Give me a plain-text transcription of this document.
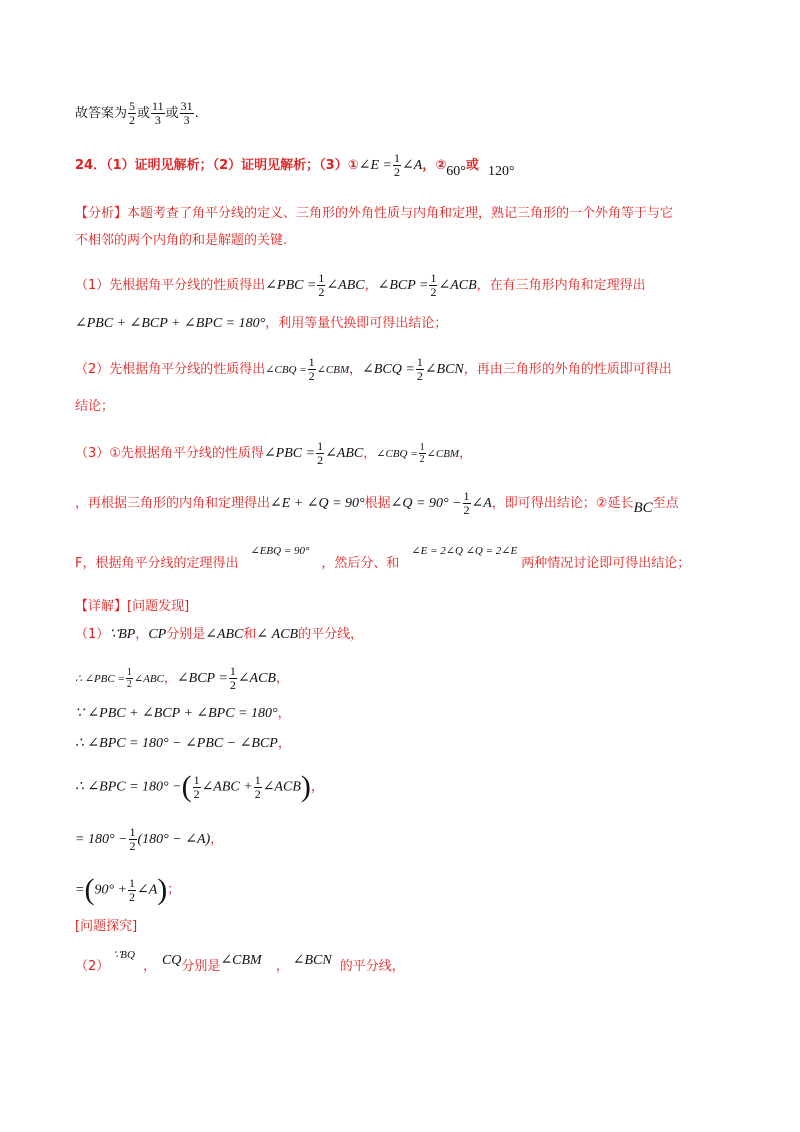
故答案为 $\frac{5}{2}$ 或 $\frac{11}{3}$ 或 $\frac{31}{3}$ .
24．（1）证明见解析；（2）证明见解析；（3）①∠E = $\frac{1}{2}$ ∠A，②60°或 120°
【分析】本题考查了角平分线的定义、三角形的外角性质与内角和定理，熟记三角形的一个外角等于与它
不相邻的两个内角的和是解题的关键.
（1）先根据角平分线的性质得出∠PBC = $\frac{1}{2}$ ∠ABC，∠BCP = $\frac{1}{2}$ ∠ACB，在有三角形内角和定理得出
∠PBC + ∠BCP + ∠BPC = 180°，利用等量代换即可得出结论；
（2）先根据角平分线的性质得出∠CBQ = $\frac{1}{2}$ ∠CBM，∠BCQ = $\frac{1}{2}$ ∠BCN，再由三角形的外角的性质即可得出
结论；
（3）①先根据角平分线的性质得∠PBC = $\frac{1}{2}$ ∠ABC，∠CBQ = $\frac{1}{2}$ ∠CBM，
，再根据三角形的内角和定理得出∠E + ∠Q = 90°根据∠Q = $90^\circ - \frac{1}{2}$ ∠A，即可得出结论；②延长BC至点
F，根据角平分线的定理得出$^{\angle EBQ = 90^\circ}$，然后分、和$^{\angle E = 2\angle Q \angle Q = 2\angle E}$两种情况讨论即可得出结论；
【详解】[问题发现]
（1）∵BP，CP分别是∠ABC和∠ ACB的平分线，
∴ ∠PBC = $\frac{1}{2}$ ∠ABC，∠BCP = $\frac{1}{2}$ ∠ACB，
∵ ∠PBC + ∠BCP + ∠BPC = 180°，
∴ ∠BPC = 180° − ∠PBC − ∠BCP，
∴ ∠BPC = 180° −( $\frac{1}{2}$ ∠ABC + $\frac{1}{2}$ ∠ACB)，
= $180^\circ - \frac{1}{2} (180^\circ$ − ∠A)，
$=(90^\circ + \frac{1}{2}$ ∠A)；
[问题探究]
$(2)^{\because BQ}$， CQ分别是∠CBM ， ∠BCN 的平分线，
